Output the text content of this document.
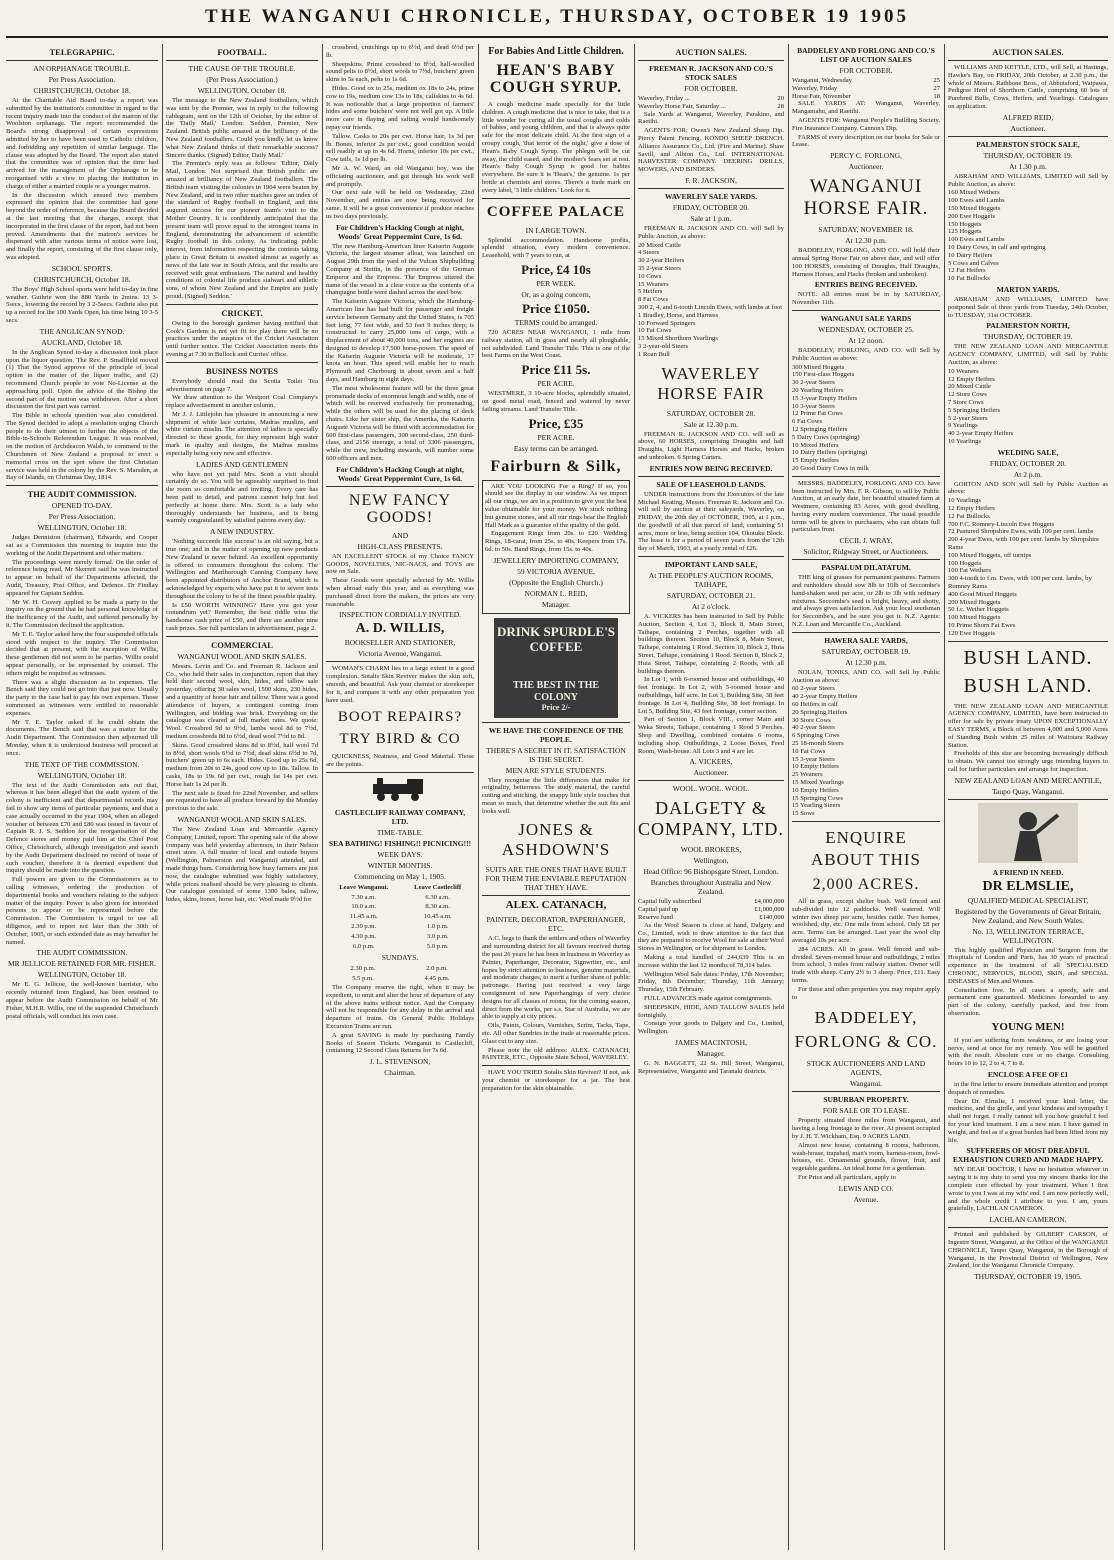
THE WANGANUI CHRONICLE, THURSDAY, OCTOBER 19 1905
TELEGRAPHIC.
AN ORPHANAGE TROUBLE.
Per Press Association.
CHRISTCHURCH, October 18.

At the Charitable Aid Board to-day a report was submitted by the institution's committee in regard to the recent inquiry made into the conduct of the matron of the Woolston orphanage. The report recommended the Board's strong disapproval of certain expressions admitted by her to have been used to Catholic children, and forbidding any repetition of similar language. The clause was adopted by the Board. The report also stated that the committee was of opinion that the time had arrived for the management of the Orphanage to be reorganised with a view to placing the institution in charge of either a married couple or a younger matron.

In the discussion which ensued two members expressed the opinion that the committee had gone beyond the order of reference, because the Board decided at the last meeting that the charges, except that incorporated in the first clause of the report, had not been proved. Amendments that the matron's services be dispensed with after various terms of notice were lost, and finally the report, consisting of the first clause only, was adopted.

SCHOOL SPORTS.
CHRISTCHURCH, October 18.

The Boys' High School sports were held to-day in fine weather. Guthrie won the 880 Yards in 2mins. 13 3-5secs., lowering the record by 3 2-5secs. Guthrie also put up a record for the 100 Yards Open, his time being 10 3-5 secs.

THE ANGLICAN SYNOD.
AUCKLAND, October 18.

In the Anglican Synod to-day a discussion took place upon the liquor question. The Rev. P. Smallfield moved (1) That the Synod approve of the principle of local option in the matter of the liquor traffic, and (2) recommend Church people to vote No-License at the approaching poll. Upon the advice of the Bishop the second part of the motion was withdrawn. After a short discussion the first part was carried.

The Bible in schools question was also considered. The Synod decided to adopt a resolution urging Church people to do their utmost to further the objects of the Bible-in-Schools Referendum League. It was resolved, on the motion of Archdeacon Walsh, to commend to the Churchmen of New Zealand a proposal to erect a memorial cross on the spot where the first Christian service was held in the colony by the Rev. S. Marsden, at Bay of Islands, on Christmas Day, 1814.

THE AUDIT COMMISSION.
OPENED TO-DAY.
Per Press Association.
WELLINGTON, October 18.

Judges Denniston (chairman), Edwards, and Cooper sat as a Commission this morning to inquire into the working of the Audit Department and other matters.

The proceedings were merely formal. On the order of reference being read, Mr Skerrett said he was instructed to appear on behalf of the Departments affected, the Audit, Treasury, Post Office, and Defence. Dr Findlay appeared for Captain Seddon.

Mr W. H. Cosvey applied to be made a party to the inquiry on the ground that he had personal knowledge of the inefficiency of the Audit, and suffered personally by it. The Commission declined the application.

Mr T. E. Taylor asked how the four suspended officials stood with respect to the inquiry. The Commission decided that at present, with the exception of Willis, these gentlemen did not seem to be parties. Willis could appear personally, or be represented by counsel. The others might be required as witnesses.

There was a slight discussion as to expenses. The Bench said they could not go into that just now. Usually the party to the case had to pay his own expenses. Those summoned as witnesses were entitled to reasonable expenses.

Mr T. E. Taylor asked if he could obtain the documents. The Bench said that was a matter for the Audit Department. The Commission then adjourned till Monday, when it is understood business will proceed at once.

THE TEXT OF THE COMMISSION.
WELLINGTON, October 18.

The text of the Audit Commission sets out that, whereas it has been alleged that the audit system of the colony is inefficient and that departmental records may fail to show any items of particular payments, and that a case actually occurred in the year 1904, when an alleged voucher of between £70 and £80 was issued in favour of Captain R. J. S. Seddon for the reorganisation of the Defence stores and money paid him at the Chief Post Office, Christchurch, although investigation and search by the Audit Department disclosed no record of issue of such voucher, therefore it is deemed expedient that inquiry should be made into the question.

Full powers are given to the Commissioners as to calling witnesses, ordering the production of departmental books and vouchers relating to the subject matter of the inquiry. Power is also given for interested persons to appear or be represented before the Commission. The Commission is urged to use all diligence, and to report not later than the 30th of October, 1905, or such extended date as may hereafter be named.

THE AUDIT COMMISSION.
MR JELLICOE RETAINED FOR MR. FISHER.
WELLINGTON, October 18.

Mr E. G. Jellicoe, the well-known barrister, who recently returned from England, has been retained to appear before the Audit Commission on behalf of Mr Fisher, M.H.R. Willis, one of the suspended Christchurch postal officials, will conduct his own case.

FOOTBALL.
THE CAUSE OF THE TROUBLE.
(Per Press Association.)
WELLINGTON, October 18.

The message to the New Zealand footballers, which was sent by the Premier, was in reply to the following cablegram, sent on the 12th of October, by the editor of the 'Daily Mail,' London: 'Seddon, Premier, New Zealand. British public amazed at the brilliancy of the New Zealand footballers. Could you kindly let us know what New Zealand thinks of their remarkable success? Sincere thanks. (Signed) Editor, Daily Mail.'

The Premier's reply was as follows: 'Editor, Daily Mail, London. Not surprised that British public are amazed at brilliancy of New Zealand footballers. The British team visiting the colonies in 1904 were beaten by New Zealand, and in two other matches gave an index of the standard of Rugby football in England, and this augured success for our pioneer team's visit to the Mother Country. It is confidently anticipated that the present team will prove equal to the strongest teams in England, demonstrating the advancement of scientific Rugby football in this colony. As indicating public interest, from information respecting the contests taking place in Great Britain is awaited almost as eagerly as news of the late war in South Africa, and the results are received with great enthusiasm. The natural and healthy conditions of colonial life produce stalwart and athletic sons, of whom New Zealand and the Empire are justly proud. (Signed) Seddon.'

CRICKET.

Owing to the borough gardener having notified that Cook's Gardens is not yet fit for play there will be no practices under the auspices of the Cricket Association until further notice. The Cricket Association meets this evening at 7.30 in Bullock and Curries' office.

BUSINESS NOTES

Everybody should read the Scotia Toilet Tea advertisement on page 7.

We draw attention to the Westport Coal Company's replace advertisement in another column.

Mr J. J. Littlejohn has pleasure in announcing a new shipment of white lace curtains, Madras muslins, and white curtain muslin. The attention of ladies is specially directed to these goods, for they represent high water mark in quality and designs, the Madras muslins especially being very new and effective.

LADIES AND GENTLEMEN

who have not yet paid Mrs. Scott a visit should certainly do so. You will be agreeably surprised to find the room so comfortable and inviting. Every care has been paid to detail, and patrons cannot help but feel perfectly at home there. Mrs. Scott is a lady who thoroughly understands her business, and is being warmly congratulated by satisfied patrons every day.

A NEW INDUSTRY.

'Nothing succeeds like success' is an old saying, but a true one; and in the matter of opening up new products New Zealand is never behind. An excellent opportunity is offered to consumers throughout the colony. The Wellington and Marlborough Canning Company have been appointed distributors of Anchor Brand, which is acknowledged by experts who have put it to severe tests throughout the colony to be of the finest possible quality.

Is £50 WORTH WINNING? Have you got your conundrum yet? Remember, the best riddle wins the handsome cash prize of £50, and there are another nine cash prizes. See full particulars in advertisement, page 2.

COMMERCIAL
WANGANUI WOOL AND SKIN SALES.

Messrs. Levin and Co. and Freeman R. Jackson and Co., who held their sales in conjunction, report that they held their second wool, skin, hides, and tallow sale yesterday, offering 38 sales wool, 1500 skins, 230 hides, and a quantity of horse hair and tallow. There was a good attendance of buyers, a contingent coming from Wellington, and bidding was brisk. Everything on the catalogue was cleared at full market rates. We quote: Wool. Crossbred 9d to 9½d, lambs wool 8d to 7½d, medium crossbreds 8d to 6½d, dead wool 7½d to 8d.

Skins. Good crossbred skins 8d to 8½d, half wool 7d to 8½d, short wools 6½d to 7½d, dead skins 6½d to 7d, butchers' green up to 6s each. Hides. Good up to 25s 6d, medium from 20s to 24s, good cow up to 18s. Tallow. In casks, 18s to 19s 6d per cwt., rough fat 14s per cwt. Horse hair 1s 2d per lb.

The next sale is fixed for 22nd November, and sellers are requested to have all produce forward by the Monday previous to the sale.

WANGANUI WOOL AND SKIN SALES.

The New Zealand Loan and Mercantile Agency Company, Limited, report: The opening sale of the above company was held yesterday afternoon, in their Nelson street store. A full muster of local and outside buyers (Wellington, Palmerston and Wanganui) attended, and made things hum. Considering how busy farmers are just now, the catalogue submitted was highly satisfactory, while prices realised should be very pleasing to clients. Our catalogue consisted of some 1300 bales, tallow, hides, skins, bones, horse hair, etc. Wool made 9½d for

crossbred, crutchings up to 6½d, and dead 6½d per lb.

Sheepskins. Prime crossbred to 8½d, half-woolled sound pelts to 8½d, short wools to 7½d, butchers' green skins to 5s each, pelts to 1s 6d.

Hides. Good ox to 25s, medium ox 18s to 24s, prime cow to 19s, medium cow 13s to 18s, calfskins to 4s 6d. It was noticeable that a large proportion of farmers' hides and some butchers' were not well got up. A little more care in flaying and salting would handsomely repay our friends.

Tallow. Casks to 20s per cwt. Horse hair, 1s 3d per lb. Bones, inferior 2s per cwt.; good condition would sell readily at up to 4s 6d. Horns, inferior 10s per cwt., Cow tails, 1s 1d per lb.

Mr A. W. Ward, an old Wanganui boy, was the officiating auctioneer, and got through his work well and promptly.

Our next sale will be held on Wednesday, 22nd November, and entries are now being received for same. It will be a great convenience if produce reaches us two days previously.

For Children's Hacking Cough at night, Woods' Great Peppermint Cure, 1s 6d.

The new Hamburg-American liner Kaiserin Auguste Victoria, the largest steamer afloat, was launched on August 29th from the yard of the Vulcan Shipbuilding Company at Stettin, in the presence of the German Emperor and the Empress. The Empress uttered the name of the vessel in a clear voice as the contents of a champagne bottle were dashed across the steel bow.

The Kaiserin Auguste Victoria, which the Hamburg-American line has had built for passenger and freight service between Germany and the United States, is 705 feet long, 77 feet wide, and 53 feet 9 inches deep; is constructed to carry 25,000 tons of cargo, with a displacement of about 40,000 tons, and her engines are designed to develop 17,500 horse-power. The speed of the Kaiserin Auguste Victoria will be moderate, 17 knots an hour. This speed will enable her to reach Plymouth and Cherbourg in about seven and a half days, and Hamburg in eight days.

The most wholesome feature will be the three great promenade decks of enormous length and width, one of which will be reserved exclusively for promenading, while the others will be used for the placing of deck chairs. Like her sister ship, the Amerika, the Kaiserin Auguste Victoria will be fitted with accommodation for 600 first-class passengers, 300 second-class, 250 third-class, and 2156 steerage, a total of 3306 passengers, while the crew, including stewards, will number some 600 officers and men.

For Children's Hacking Cough at night, Woods' Great Peppermint Cure, 1s 6d.
NEW FANCY GOODS!
AND
HIGH-CLASS PRESENTS.

AN EXCELLENT STOCK of my Choice FANCY GOODS, NOVELTIES, NIC-NACS, and TOYS are now on Sale.

These Goods were specially selected by Mr. Willis when abroad early this year, and as everything was purchased direct from the makers, the prices are very reasonable.

INSPECTION CORDIALLY INVITED.
A. D. WILLIS,
BOOKSELLER AND STATIONER,
Victoria Avenue, Wanganui.

WOMAN'S CHARM lies to a large extent in a good complexion. Sotalis Skin Reviver makes the skin soft, smooth, and beautiful. Ask your chemist or storekeeper for it, and compare it with any other preparation you have used.

BOOT REPAIRS?
TRY BIRD & CO

QUICKNESS, Neatness, and Good Material. Those are the points.

CASTLECLIFF RAILWAY COMPANY, LTD.
TIME-TABLE.
SEA BATHING! FISHING!! PICNICING!!!
WEEK DAYS.
WINTER MONTHS.
Commencing on May 1, 1905.
Leave Wanganui.	Leave Castlecliff
7.30 a.m.	6.30 a.m.
10.0 a.m.	8.30 a.m.
11.45 a.m.	10.45 a.m.
2.30 p.m.	1.0 p.m.
4.30 p.m.	3.0 p.m.
6.0 p.m.	5.0 p.m.
SUNDAYS.
2.30 p.m.	2.0 p.m.
5.5 p.m.	4.45 p.m.

The Company reserve the right, when it may be expedient, to omit and alter the hour of departure of any of the above trains without notice. And the Company will not be responsible for any delay in the arrival and departure of trains. On General Public Holidays Excursion Trains are run.

A great SAVING is made by purchasing Family Books of Season Tickets. Wanganui to Castlecliff, containing 12 Second Class Returns for 7s 6d.

J. L. STEVENSON,
Chairman.
For Babies And Little Children.
HEAN'S BABY COUGH SYRUP.

A cough medicine made specially for the little children. A cough medicine that is nice to take, that is a little wonder for curing all the usual coughs and colds of babies, and young children, and that is always quite safe for the most delicate child. At the first sign of a croupy cough, 'that terror of the night,' give a dose of Hean's Baby Cough Syrup. The phlegm will be cut away, the child eased, and the mother's fears set at rest. Hean's Baby Cough Syrup is good for babies everywhere. Be sure it is 'Hean's,' the genuine. 1s per bottle at chemists and stores. There's a trade mark on every label, '3 little children.' Look for it.

COFFEE PALACE
IN LARGE TOWN.

Splendid accommodation. Handsome profits, splendid situation, every modern convenience. Leasehold, with 7 years to run, at

Price, £4 10s
PER WEEK.
Or, as a going concern,
Price £1050.
TERMS could be arranged.

720 ACRES NEAR WANGANUI, 1 mile from railway station, all in grass and nearly all ploughable, not subdivided. Land Transfer Title. This is one of the best Farms on the West Coast.

Price £11 5s.
PER ACRE.

WESTMERE, 3 10-acre blocks, splendidly situated, on good metal road, fenced and watered by never failing streams. Land Transfer Title.

Price, £35
PER ACRE.
Easy terms can be arranged.
Fairburn & Silk,

ARE YOU LOOKING For a Ring? If so, you should see the display in our window. As we import all our rings, we are in a position to give you the best value obtainable for your money. We stock nothing but genuine stones, and all our rings bear the English Hall Mark as a guarantee of the quality of the gold.

Engagement Rings from 20s. to £20. Wedding Rings, 18-carat, from 25s. to 40s. Keepers from 17s. 6d. to 50s. Band Rings, from 15s. to 40s.

JEWELLERY IMPORTING COMPANY,
59 VICTORIA AVENUE,
(Opposite the English Church.)
NORMAN L. REID,
Manager.
DRINK SPURDLE'S COFFEE
THE BEST IN THE COLONY
Price 2/-
WE HAVE THE CONFIDENCE OF THE PEOPLE.
THERE'S A SECRET IN IT. SATISFACTION IS THE SECRET.
MEN ARE STYLE STUDENTS.

They recognise the little differences that make for originality, betterness. The study material, the careful cutting and stitching, the snappy little style touches that mean so much, that determine whether the suit fits and looks well.

JONES & ASHDOWN'S
SUITS ARE THE ONES THAT HAVE BUILT FOR THEM THE ENVIABLE REPUTATION THAT THEY HAVE.
ALEX. CATANACH,
PAINTER, DECORATOR, PAPERHANGER, ETC.

A.C. begs to thank the settlers and others of Waverley and surrounding district for all favours received during the past 26 years he has been in business in Waverley as Painter, Paperhanger, Decorator, Signwriter, etc., and hopes by strict attention to business, genuine materials, and moderate charges, to merit a further share of public patronage. Having just received a very large consignment of new Paperhangings of very choice designs for all classes of rooms, for the coming season, direct from the works, per s.s. Star of Australia, we are able to supply at city prices.

Oils, Paints, Colours, Varnishes, Scrim, Tacks, Tape, etc. All other Sundries in the trade at reasonable prices. Glass cut to any size.

Please note the old address: ALEX. CATANACH, PAINTER, ETC., Opposite State School, WAVERLEY.

HAVE YOU TRIED Sotalis Skin Reviver? If not, ask your chemist or storekeeper for a jar. The best preparation for the skin obtainable.

AUCTION SALES.
FREEMAN R. JACKSON AND CO.'S STOCK SALES
FOR OCTOBER.
Waverley, Friday ...	20
Waverley Horse Fair, Saturday ...	28

Sale Yards at Wanganui, Waverley, Parakino, and Raetihi.

AGENTS FOR: Owen's New Zealand Sheep Dip. Piercy Patent Fencing. KONDO SHEEP DRENCH. Alliance Assurance Co., Ltd. (Fire and Marine). Shaw Savill, and Albion Co., Ltd. INTERNATIONAL HARVESTER COMPANY. DEERING DRILLS, MOWERS, AND BINDERS.

F. R. JACKSON,
WAVERLEY SALE YARDS.
FRIDAY, OCTOBER 20.
Sale at 1 p.m.

FREEMAN R. JACKSON AND CO. will Sell by Public Auction, as above:

20 Mixed Cattle
4 Steers
30 2-year Heifers
35 2-year Steers
10 Cows
15 Weaners
5 Heifers
8 Fat Cows
300 2, 4, and 6-tooth Lincoln Ewes, with lambs at foot
1 Bradley, Horse, and Harness
10 Forward Springers
10 Fat Cows
15 Mixed Shorthorn Yearlings
3 2-year-old Steers
1 Roan Bull
WAVERLEY HORSE FAIR
SATURDAY, OCTOBER 28.
Sale at 12.30 p.m.

FREEMAN R. JACKSON AND CO. will sell as above, 60 HORSES, comprising Draughts and half Draughts, Light Harness Horses and Hacks, broken and unbroken. 6 Spring Carters.

ENTRIES NOW BEING RECEIVED.
SALE OF LEASEHOLD LANDS.

UNDER instructions from the Executors of the late Michael Keating, Messrs. Freeman R. Jackson and Co. will sell by auction at their saleyards, Waverley, on FRIDAY, the 20th day of OCTOBER, 1905, at 1 p.m., the goodwill of all that parcel of land, containing 51 acres, more or less, being section 104, Okotuku Block. The lease is for a period of seven years from the 12th day of March, 1903, at a yearly rental of £26.

IMPORTANT LAND SALE,
At THE PEOPLE'S AUCTION ROOMS, TAIHAPE,
SATURDAY, OCTOBER 21.
At 2 o'clock.

A. VICKERS has been instructed to Sell by Public Auction, Section 4, Lot 3, Block 8, Main Street, Taihape, containing 2 Perches, together with all buildings thereon. Section 10, Block 8, Main Street, Taihape, containing 1 Rood. Section 10, Block 2, Huia Street, Taihape, containing 1 Rood. Section 8, Block 2, Huia Street, Taihape, containing 2 Roods, with all buildings thereon.

In Lot 1, with 6-roomed house and outbuildings, 40 feet frontage. In Lot 2, with 5-roomed house and outbuildings, half acre. In Lot 3, Building Site, 38 feet frontage. In Lot 4, Building Site, 38 feet frontage. In Lot 5, Building Site, 43 feet frontage, corner section.

Part of Section 1, Block VIII., corner Main and Weka Streets, Taihape, containing 1 Rood 5 Perches. Shop and Dwelling, combined contains 6 rooms, including shop. Outbuildings, 2 Loose Boxes, Feed Room, Wash-house. All Lots 3 and 4 are let.

A. VICKERS,
Auctioneer.
WOOL. WOOL. WOOL.
DALGETY & COMPANY, LTD.
WOOL BROKERS,
Wellington,
Head Office: 96 Bishopsgate Street, London.
Branches throughout Australia and New Zealand.
Capital fully subscribed	£4,000,000
Capital paid up	£1,000,000
Reserve fund	£140,000

As the Wool Season is close at hand, Dalgety and Co., Limited, wish to draw attention to the fact that they are prepared to receive Wool for sale at their Wool Stores in Wellington, or for shipment to London.

Making a total handled of 244,639 This is an increase within the last 12 months of 78,314 bales.

Wellington Wool Sale dates: Friday, 17th November; Friday, 8th December; Thursday, 11th January; Thursday, 15th February.

FULL ADVANCES made against consignments.

SHEEPSKIN, HIDE, AND TALLOW SALES held fortnightly.

Consign your goods to Dalgety and Co., Limited, Wellington.

JAMES MACINTOSH,
Manager.

G. N. BAGGETT, 22 St. Hill Street, Wanganui, Representative, Wanganui and Taranaki districts.

BADDELEY AND FORLONG AND CO.'S LIST OF AUCTION SALES
FOR OCTOBER.
Wanganui, Wednesday	25
Waverley, Friday	27
Horse Fair, November	18

SALE YARDS AT: Wanganui, Waverley, Mangamahu, and Raetihi.

AGENTS FOR: Wanganui People's Building Society. Fire Insurance Company. Cannon's Dip.

FARMS of every description on our books for Sale or Lease.

PERCY C. FORLONG,
Auctioneer.
WANGANUI HORSE FAIR.
SATURDAY, NOVEMBER 18.
At 12.30 p.m.

BADDELEY, FORLONG, AND CO. will hold their annual Spring Horse Fair on above date, and will offer 100 HORSES, consisting of Draughts, Half Draughts, Harness Horses, and Hacks (broken and unbroken).

ENTRIES BEING RECEIVED.

NOTE. All entries must be in by SATURDAY, November 11th.

WANGANUI SALE YARDS
WEDNESDAY, OCTOBER 25.
At 12 noon.

BADDELEY, FORLONG, AND CO. will Sell by Public Auction as above:

300 Mixed Hoggets
150 First-class Hoggets
30 2-year Steers
20 Yearling Heifers
15 3-year Empty Heifers
10 3-year Steers
12 Prime Fat Cows
6 Fat Cows
12 Springing Heifers
5 Dairy Cows (springing)
10 Mixed Heifers
10 Dairy Heifers (springing)
15 Empty Heifers
20 Good Dairy Cows in milk

MESSRS. BADDELEY, FORLONG AND CO. have been instructed by Mrs. F. R. Gibson, to sell by Public Auction, at an early date, her beautiful situated farm at Westmere, containing 83 Acres, with good dwelling, having every modern convenience. The usual possible terms will be given to purchasers, who can obtain full particulars from

CECIL J. WRAY,
Solicitor, Ridgway Street, or Auctioneers.
PASPALUM DILATATUM.

THE king of grasses for permanent pastures. Farmers and runholders should sow 8lb to 10lb of Seccombe's hand-shaken seed per acre, or 2lb to 3lb with ordinary mixtures. Seccombe's seed is bright, heavy, and shotty, and always gives satisfaction. Ask your local seedsman for Seccombe's, and be sure you get it. N.Z. Agents: N.Z. Loan and Mercantile Co., Auckland.

HAWERA SALE YARDS,
SATURDAY, OCTOBER 19.
At 12.30 p.m.

NOLAN, TONKS, AND CO. will Sell by Public Auction as above:

60 2-year Steers
40 2-year Empty Heifers
60 Heifers in calf
20 Springing Heifers
30 Store Cows
40 2-year Steers
6 Springing Cows
25 18-month Steers
10 Fat Cows
15 3-year Steers
10 Empty Heifers
25 Weaners
15 Mixed Yearlings
10 Empty Heifers
15 Springing Cows
15 Yearling Steers
15 Sows
ENQUIRE ABOUT THIS
2,000 ACRES.

All in grass, except shelter bush. Well fenced and sub-divided into 12 paddocks. Well watered. Will winter two sheep per acre, besides cattle. Two homes, woolshed, dip, etc. One mile from school. Only £8 per acre. Terms can be arranged. Last year the wool clip averaged 10s per acre.

284 ACRES. All in grass. Well fenced and sub-divided. Seven-roomed house and outbuildings, 2 miles from school, 3 miles from railway station. Owner will trade with sheep. Carry 2½ to 3 sheep. Price, £11. Easy terms.

For these and other properties you may require apply to

BADDELEY, FORLONG & CO.
STOCK AUCTIONEERS AND LAND AGENTS,
Wanganui.
SUBURBAN PROPERTY.
FOR SALE OR TO LEASE.

Property situated three miles from Wanganui, and having a long frontage to the river. At present occupied by J. H. T. Wickham, Esq. 9 ACRES LAND.

Almost new house, containing 8 rooms, bathroom, wash-house, trapshed, man's room, harness-room, fowl-houses, etc. Ornamental grounds, flower, fruit, and vegetable gardens. An ideal home for a gentleman.

For Price and all particulars, apply to

LEWIS AND CO.
Avenue.
AUCTION SALES.

WILLIAMS AND KETTLE, LTD., will Sell, at Hastings, Hawke's Bay, on FRIDAY, 20th October, at 2.30 p.m., the whole of Messrs. Rathbone Bros., of Abbotsford, Waipawa, Pedigree Herd of Shorthorn Cattle, comprising 60 lots of Purebred Bulls, Cows, Heifers, and Yearlings. Catalogues on application.

ALFRED REID,
Auctioneer.
PALMERSTON STOCK SALE,
THURSDAY, OCTOBER 19.
At 1.30 p.m.

ABRAHAM AND WILLIAMS, LIMITED will Sell by Public Auction, as above:

160 Mixed Wethers
100 Ewes and Lambs
150 Mixed Hoggets
200 Ewe Hoggets
150 Hoggets
125 Hoggets
100 Ewes and Lambs
10 Dairy Cows, in calf and springing
10 Dairy Heifers
5 Cows and Calves
12 Fat Heifers
10 Fat Bullocks
MARTON YARDS.

ABRAHAM AND WILLIAMS, LIMITED have postponed Sale of three yards from Tuesday, 24th October, to TUESDAY, 31st OCTOBER.

PALMERSTON NORTH,
THURSDAY, OCTOBER 19.

THE NEW ZEALAND LOAN AND MERCANTILE AGENCY COMPANY, LIMITED, will Sell by Public Auction, as above:

10 Weaners
12 Empty Heifers
20 Mixed Cattle
12 Store Cows
7 Store Cows
5 Springing Heifers
5 2-year Steers
9 Yearlings
40 2-year Empty Heifers
10 Yearlings
WELDING SALE,
FRIDAY, OCTOBER 20.
At 2 p.m.

GORTON AND SON will Sell by Public Auction as above:

10 Yearlings
12 Empty Heifers
12 Fat Bullocks
700 F.C. Romney-Lincoln Ewe Hoggets
72 Pastured Shropshire Ewes, with 100 per cent. lambs
200 4-year Ewes, with 100 per cent. lambs by Shropshire Rams
100 Mixed Hoggets, off turnips
100 Hoggets
100 Fat Wethers
300 4-tooth to f.m. Ewes, with 100 per cent. lambs, by Romney Rams
400 Good Mixed Hoggets
200 Mixed Hoggets
50 f.c. Wether Hoggets
100 Mixed Hoggets
10 Prime Shorn Fat Ewes
120 Ewe Hoggets
BUSH LAND.
BUSH LAND.

THE NEW ZEALAND LOAN AND MERCANTILE AGENCY COMPANY, LIMITED, have been instructed to offer for sale by private treaty UPON EXCEPTIONALLY EASY TERMS, a Block of between 4,000 and 5,000 Acres of Standing Bush within 25 miles of Waitotara Railway Station.

Freeholds of this size are becoming increasingly difficult to obtain. We cannot too strongly urge intending buyers to call for further particulars and arrange for inspection.

NEW ZEALAND LOAN AND MERCANTILE,
Taupo Quay, Wanganui.
A FRIEND IN NEED.
DR ELMSLIE,
QUALIFIED MEDICAL SPECIALIST,
Registered by the Governments of Great Britain, New Zealand, and New South Wales.
No. 13, WELLINGTON TERRACE, WELLINGTON.

This highly qualified Physician and Surgeon from the Hospitals of London and Paris, has 30 years of practical experience in the treatment of all SPECIALISED CHRONIC, NERVOUS, BLOOD, SKIN, and SPECIAL DISEASES of Men and Women.

Consultation free. In all cases a speedy, safe and permanent cure guaranteed. Medicines forwarded to any part of the colony, carefully packed, and free from observation.

YOUNG MEN!

If you are suffering from weakness, or are losing your nerve, send at once for my remedy. You will be gratified with the result. Absolute cure or no charge. Consulting hours 10 to 12, 2 to 4, 7 to 8.

ENCLOSE A FEE OF £1

in the first letter to ensure immediate attention and prompt despatch of remedies.

Dear Dr. Elmslie, I received your kind letter, the medicine, and the girdle, and your kindness and sympathy I shall not forget. I really cannot tell you how grateful I feel for your kind treatment. I am a new man. I have gained in weight, and feel as if a great burden had been lifted from my life.

SUFFERERS OF MOST DREADFUL EXHAUSTION CURED AND MADE HAPPY.

MY DEAR DOCTOR, I have no hesitation whatever in saying it is my duty to send you my sincere thanks for the complete cure effected by your treatment. When I first wrote to you I was at my wits' end. I am now perfectly well, and the whole credit I attribute to you. I am, yours gratefully, LACHLAN CAMERON.

LACHLAN CAMERON.

Printed and published by GILBERT CARSON, of Ingestre Street, Wanganui, at the Office of the WANGANUI CHRONICLE, Taupo Quay, Wanganui, in the Borough of Wanganui, in the Provincial District of Wellington, New Zealand, for the Wanganui Chronicle Company.

THURSDAY, OCTOBER 19, 1905.
